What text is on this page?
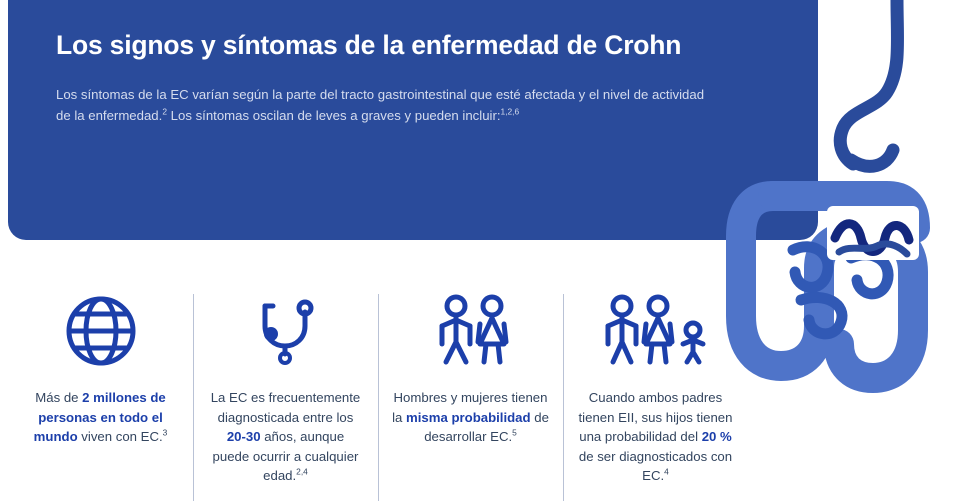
Los signos y síntomas de la enfermedad de Crohn

Los síntomas de la EC varían según la parte del tracto gastrointestinal que esté afectada y el nivel de actividad de la enfermedad.$^2$ Los síntomas oscilan de leves a graves y pueden incluir:$^{1,2,6}$

Más de 2 millones de personas en todo el mundo viven con EC.$^3$
La EC es frecuentemente diagnosticada entre los 20-30 años, aunque puede ocurrir a cualquier edad.$^{2,4}$
Hombres y mujeres tienen la misma probabilidad de desarrollar EC.$^5$
Cuando ambos padres tienen EII, sus hijos tienen una probabilidad del 20 % de ser diagnosticados con EC.$^4$
